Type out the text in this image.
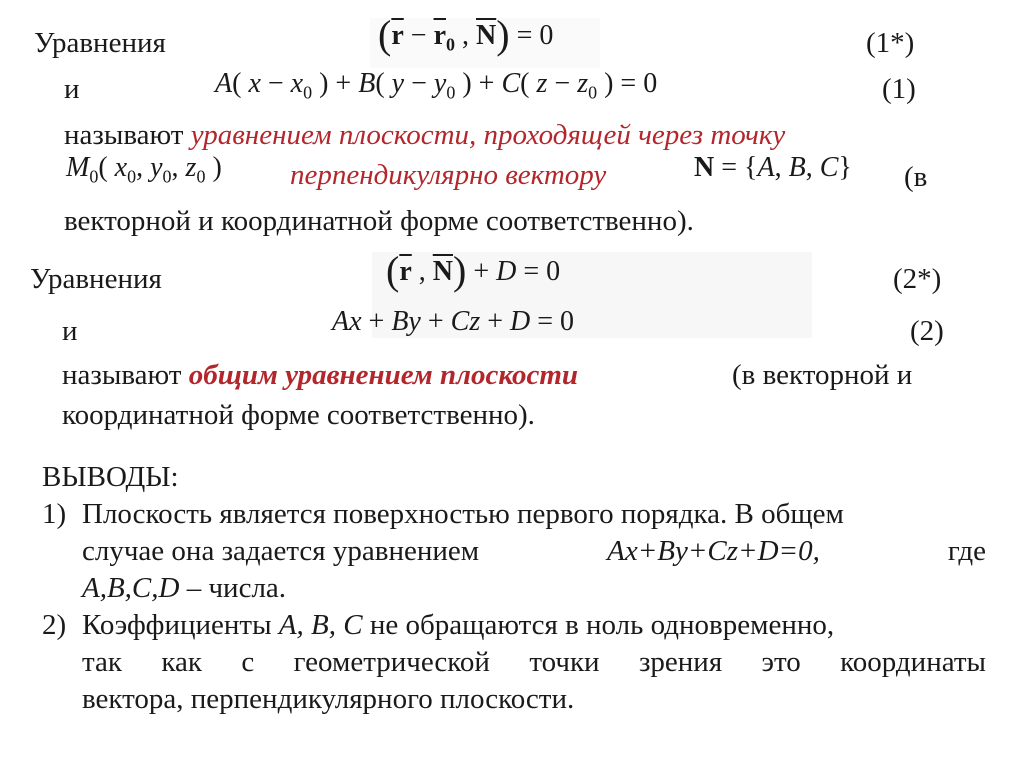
Уравнения	($\overline{r} - \overline{r}_0$ , $\overline{N}) = 0$	(1*)
и	A( $x - x_0$ ) + B( $y - y_0$ ) + C( $z - z_0$ ) = 0	(1)
называют уравнением плоскости, проходящей через точку
$M_0$( $x_0$, $y_0$, $z_0$ ) перпендикулярно вектору	N = {A, B, C} (в
векторной и координатной форме соответственно).
Уравнения	($\overline{r}$ , $\overline{N}) + D = 0$	(2*)
и	Ax + By + Cz + D = 0	(2)
называют общим уравнением плоскости	(в векторной и
координатной форме соответственно).
ВЫВОДЫ:
1) Плоскость является поверхностью первого порядка. В общем
случае она задается уравнением	Ax+By+Cz+D=0,	где
A,B,C,D – числа.
2) Коэффициенты A, B, C не обращаются в ноль одновременно,
так как с геометрической точки зрения это координаты
вектора, перпендикулярного плоскости.
